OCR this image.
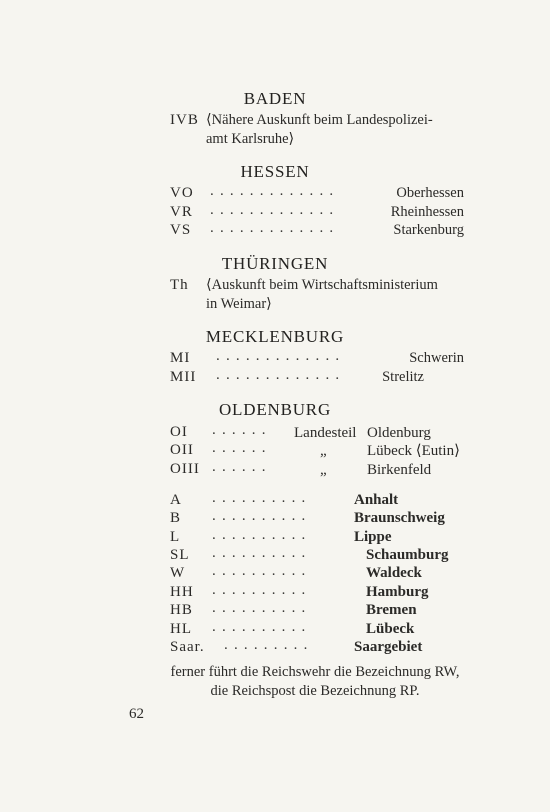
BADEN
IVB ⟨Nähere Auskunft beim Landespolizei-
amt Karlsruhe⟩
HESSEN
VO .............	Oberhessen
VR .............	Rheinhessen
VS .............	Starkenburg
THÜRINGEN
Th ⟨Auskunft beim Wirtschaftsministerium
in Weimar⟩
MECKLENBURG
MI .............	Schwerin
MII .............	Strelitz
OLDENBURG
OI ......	Landesteil Oldenburg
OII ......	„	Lübeck ⟨Eutin⟩
OIII ......	„	Birkenfeld
A ..........	Anhalt
B ..........	Braunschweig
L ..........	Lippe
SL ..........	Schaumburg
W ..........	Waldeck
HH ..........	Hamburg
HB ..........	Bremen
HL ..........	Lübeck
Saar. .........	Saargebiet
ferner führt die Reichswehr die Bezeichnung RW,
die Reichspost die Bezeichnung RP.
62
